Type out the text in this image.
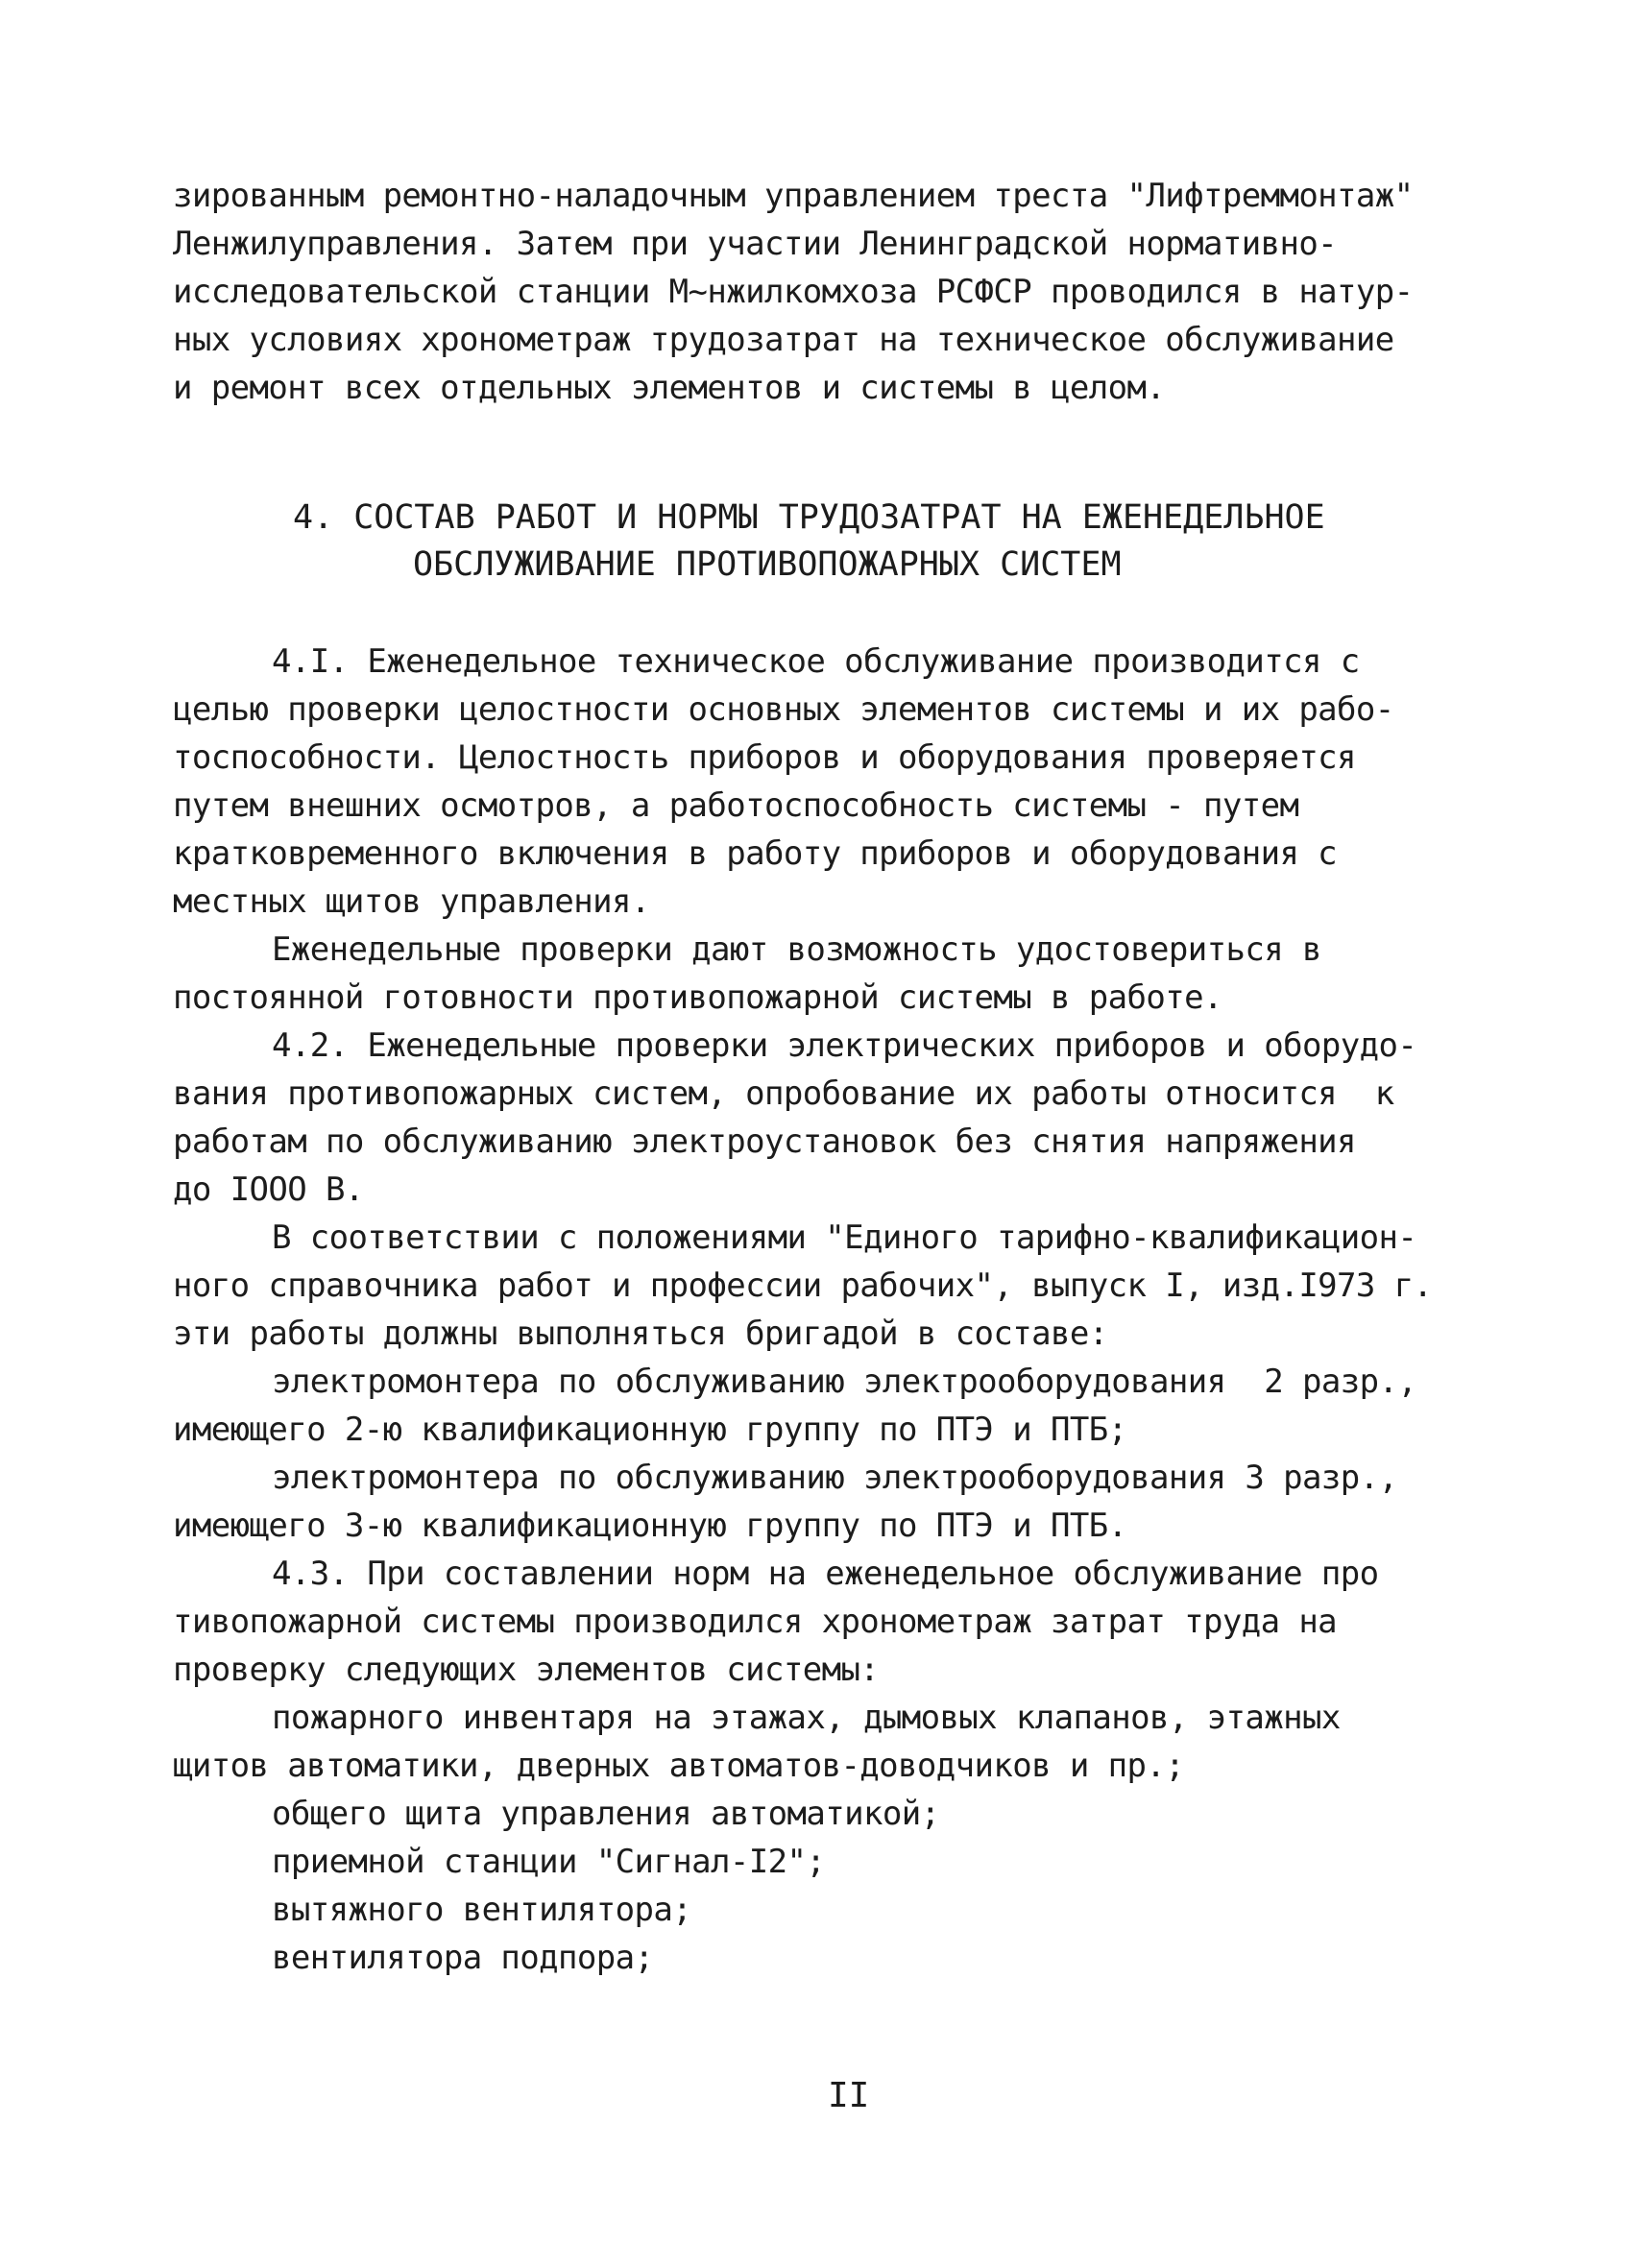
зированным ремонтно-наладочным управлением треста "Лифтреммонтаж"
Ленжилуправления. Затем при участии Ленинградской нормативно-
исследовательской станции М~нжилкомхоза РСФСР проводился в натур-
ных условиях хронометраж трудозатрат на техническое обслуживание
и ремонт всех отдельных элементов и системы в целом.
4. СОСТАВ РАБОТ И НОРМЫ ТРУДОЗАТРАТ НА ЕЖЕНЕДЕЛЬНОЕ
ОБСЛУЖИВАНИЕ ПРОТИВОПОЖАРНЫХ СИСТЕМ
4.I. Еженедельное техническое обслуживание производится с
целью проверки целостности основных элементов системы и их рабо-
тоспособности. Целостность приборов и оборудования проверяется
путем внешних осмотров, а работоспособность системы - путем
кратковременного включения в работу приборов и оборудования с
местных щитов управления.
Еженедельные проверки дают возможность удостовериться в
постоянной готовности противопожарной системы в работе.
4.2. Еженедельные проверки электрических приборов и оборудо-
вания противопожарных систем, опробование их работы относится  к
работам по обслуживанию электроустановок без снятия напряжения
до IOOO В.
В соответствии с положениями "Единого тарифно-квалификацион-
ного справочника работ и профессии рабочих", выпуск I, изд.I973 г.
эти работы должны выполняться бригадой в составе:
электромонтера по обслуживанию электрооборудования  2 разр.,
имеющего 2-ю квалификационную группу по ПТЭ и ПТБ;
электромонтера по обслуживанию электрооборудования 3 разр.,
имеющего 3-ю квалификационную группу по ПТЭ и ПТБ.
4.3. При составлении норм на еженедельное обслуживание про
тивопожарной системы производился хронометраж затрат труда на
проверку следующих элементов системы:
пожарного инвентаря на этажах, дымовых клапанов, этажных
щитов автоматики, дверных автоматов-доводчиков и пр.;
общего щита управления автоматикой;
приемной станции "Сигнал-I2";
вытяжного вентилятора;
вентилятора подпора;
II
